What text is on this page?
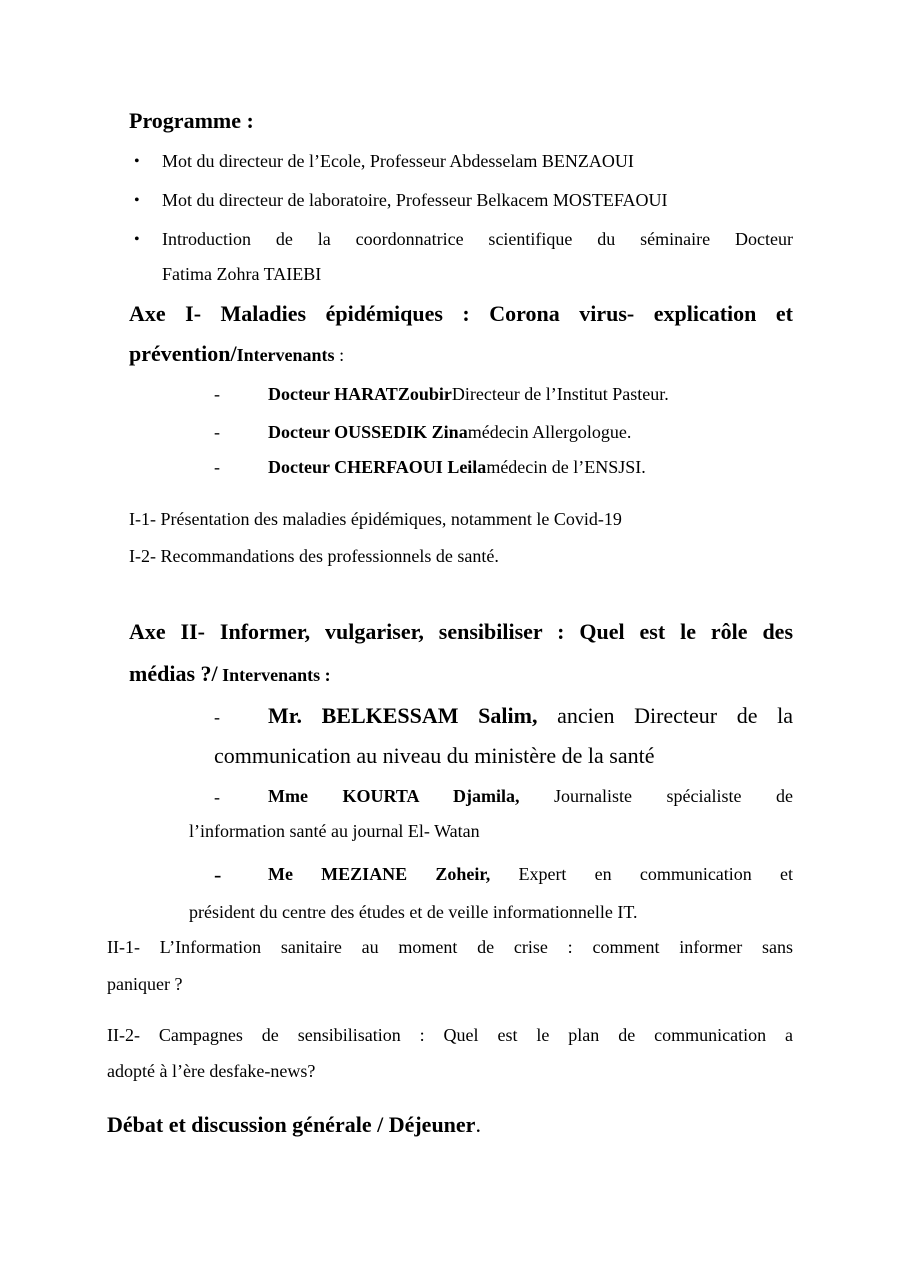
Programme :
• Mot du directeur de l’Ecole, Professeur Abdesselam BENZAOUI
• Mot du directeur de laboratoire, Professeur Belkacem MOSTEFAOUI
• Introduction de la coordonnatrice scientifique du séminaire Docteur
Fatima Zohra TAIEBI
Axe I- Maladies épidémiques : Corona virus- explication et
prévention/Intervenants :
-	Docteur HARATZoubirDirecteur de l’Institut Pasteur.
-	Docteur OUSSEDIK Zinamédecin Allergologue.
-	Docteur CHERFAOUI Leilamédecin de l’ENSJSI.
I-1- Présentation des maladies épidémiques, notamment le Covid-19
I-2- Recommandations des professionnels de santé.
Axe II- Informer, vulgariser, sensibiliser : Quel est le rôle des
médias ?/ Intervenants :
- Mr. BELKESSAM Salim, ancien Directeur de la
communication au niveau du ministère de la santé
-	Mme KOURTA Djamila, Journaliste spécialiste de
l’information santé au journal El- Watan
-	Me MEZIANE Zoheir, Expert en communication et
président du centre des études et de veille informationnelle IT.
II-1- L’Information sanitaire au moment de crise : comment informer sans
paniquer ?
II-2- Campagnes de sensibilisation : Quel est le plan de communication a
adopté à l’ère desfake-news?
Débat et discussion générale / Déjeuner.
